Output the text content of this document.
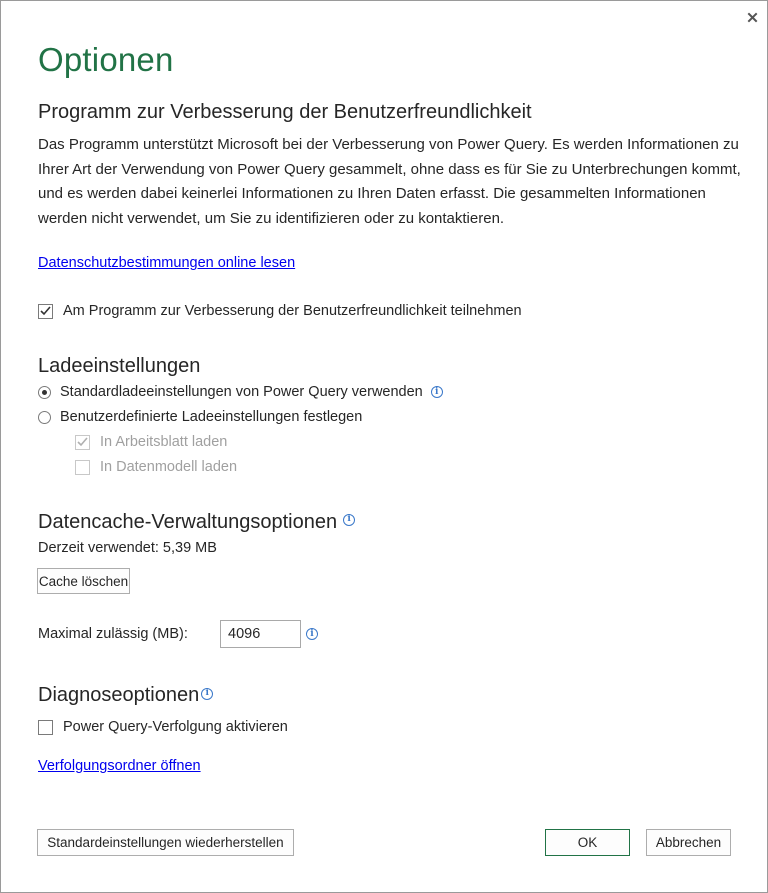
Optionen
Programm zur Verbesserung der Benutzerfreundlichkeit

Das Programm unterstützt Microsoft bei der Verbesserung von Power Query. Es werden Informationen zu Ihrer Art der Verwendung von Power Query gesammelt, ohne dass es für Sie zu Unterbrechungen kommt, und es werden dabei keinerlei Informationen zu Ihren Daten erfasst. Die gesammelten Informationen werden nicht verwendet, um Sie zu identifizieren oder zu kontaktieren.

Datenschutzbestimmungen online lesen
Am Programm zur Verbesserung der Benutzerfreundlichkeit teilnehmen
Ladeeinstellungen
Standardladeeinstellungen von Power Query verwenden	i
Benutzerdefinierte Ladeeinstellungen festlegen
In Arbeitsblatt laden
In Datenmodell laden
Datencache-Verwaltungsoptionen	i
Derzeit verwendet: 5,39 MB
Cache löschen
Maximal zulässig (MB):
4096	i
Diagnoseoptionen i
Power Query-Verfolgung aktivieren
Verfolgungsordner öffnen
Standardeinstellungen wiederherstellen	OK	Abbrechen
